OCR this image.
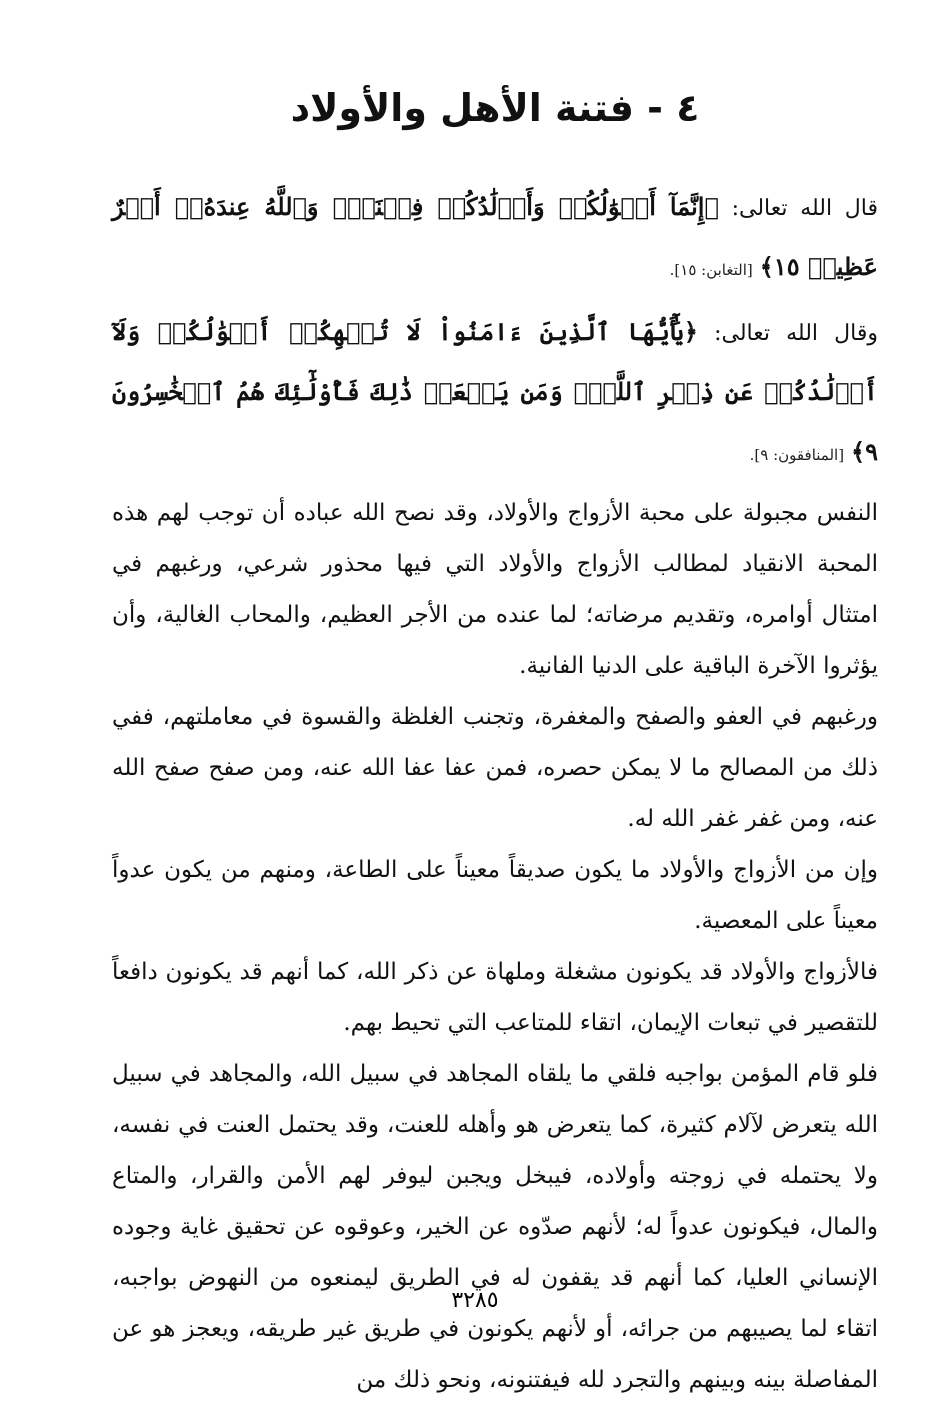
٤ - فتنة الأهل والأولاد
قال الله تعالى: ﴿إِنَّمَآ أَمۡوَٰلُكُمۡ وَأَوۡلَٰدُكُمۡ فِتۡنَةٞۚ وَٱللَّهُ عِندَهُۥٓ أَجۡرٌ عَظِيمٞ ١٥﴾ [التغابن: ١٥].
وقال الله تعالى: ﴿يَٰٓأَيُّهَا ٱلَّذِينَ ءَامَنُواْ لَا تُلۡهِكُمۡ أَمۡوَٰلُكُمۡ وَلَآ أَوۡلَٰدُكُمۡ عَن ذِكۡرِ ٱللَّهِۚ وَمَن يَفۡعَلۡ ذَٰلِكَ فَأُوْلَٰٓئِكَ هُمُ ٱلۡخَٰسِرُونَ ٩﴾ [المنافقون: ٩].

النفس مجبولة على محبة الأزواج والأولاد، وقد نصح الله عباده أن توجب لهم هذه المحبة الانقياد لمطالب الأزواج والأولاد التي فيها محذور شرعي، ورغبهم في امتثال أوامره، وتقديم مرضاته؛ لما عنده من الأجر العظيم، والمحاب الغالية، وأن يؤثروا الآخرة الباقية على الدنيا الفانية.

ورغبهم في العفو والصفح والمغفرة، وتجنب الغلظة والقسوة في معاملتهم، ففي ذلك من المصالح ما لا يمكن حصره، فمن عفا عفا الله عنه، ومن صفح صفح الله عنه، ومن غفر غفر الله له.

وإن من الأزواج والأولاد ما يكون صديقاً معيناً على الطاعة، ومنهم من يكون عدواً معيناً على المعصية.

فالأزواج والأولاد قد يكونون مشغلة وملهاة عن ذكر الله، كما أنهم قد يكونون دافعاً للتقصير في تبعات الإيمان، اتقاء للمتاعب التي تحيط بهم.

فلو قام المؤمن بواجبه فلقي ما يلقاه المجاهد في سبيل الله، والمجاهد في سبيل الله يتعرض لآلام كثيرة، كما يتعرض هو وأهله للعنت، وقد يحتمل العنت في نفسه، ولا يحتمله في زوجته وأولاده، فيبخل ويجبن ليوفر لهم الأمن والقرار، والمتاع والمال، فيكونون عدواً له؛ لأنهم صدّوه عن الخير، وعوقوه عن تحقيق غاية وجوده الإنساني العليا، كما أنهم قد يقفون له في الطريق ليمنعوه من النهوض بواجبه، اتقاء لما يصيبهم من جرائه، أو لأنهم يكونون في طريق غير طريقه، ويعجز هو عن المفاصلة بينه وبينهم والتجرد لله فيفتنونه، ونحو ذلك من

٣٢٨٥
